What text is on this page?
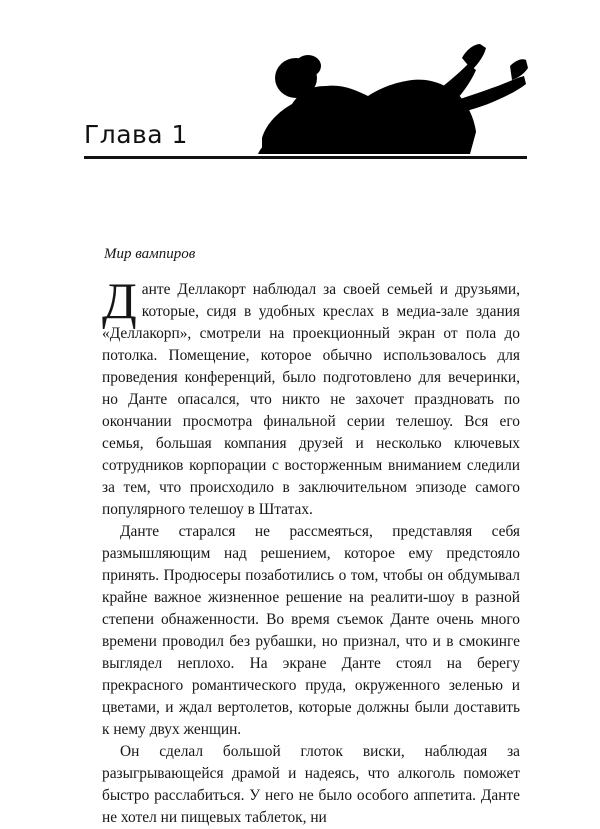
Глава 1
Мир вампиров

Данте Деллакорт наблюдал за своей семьей и друзьями, которые, сидя в удобных креслах в медиа-зале здания «Деллакорп», смотрели на проекционный экран от пола до потолка. Помещение, которое обычно использовалось для проведения конференций, было подготовлено для вечеринки, но Данте опасался, что никто не захочет праздновать по окончании просмотра финальной серии телешоу. Вся его семья, большая компания друзей и несколько ключевых сотрудников корпорации с восторженным вниманием следили за тем, что происходило в заключительном эпизоде самого популярного телешоу в Штатах.

Данте старался не рассмеяться, представляя себя размышляющим над решением, которое ему предстояло принять. Продюсеры позаботились о том, чтобы он обдумывал крайне важное жизненное решение на реалити-шоу в разной степени обнаженности. Во время съемок Данте очень много времени проводил без рубашки, но признал, что и в смокинге выглядел неплохо. На экране Данте стоял на берегу прекрасного романтического пруда, окруженного зеленью и цветами, и ждал вертолетов, которые должны были доставить к нему двух женщин.

Он сделал большой глоток виски, наблюдая за разыгрывающейся драмой и надеясь, что алкоголь поможет быстро расслабиться. У него не было особого аппетита. Данте не хотел ни пищевых таблеток, ни
